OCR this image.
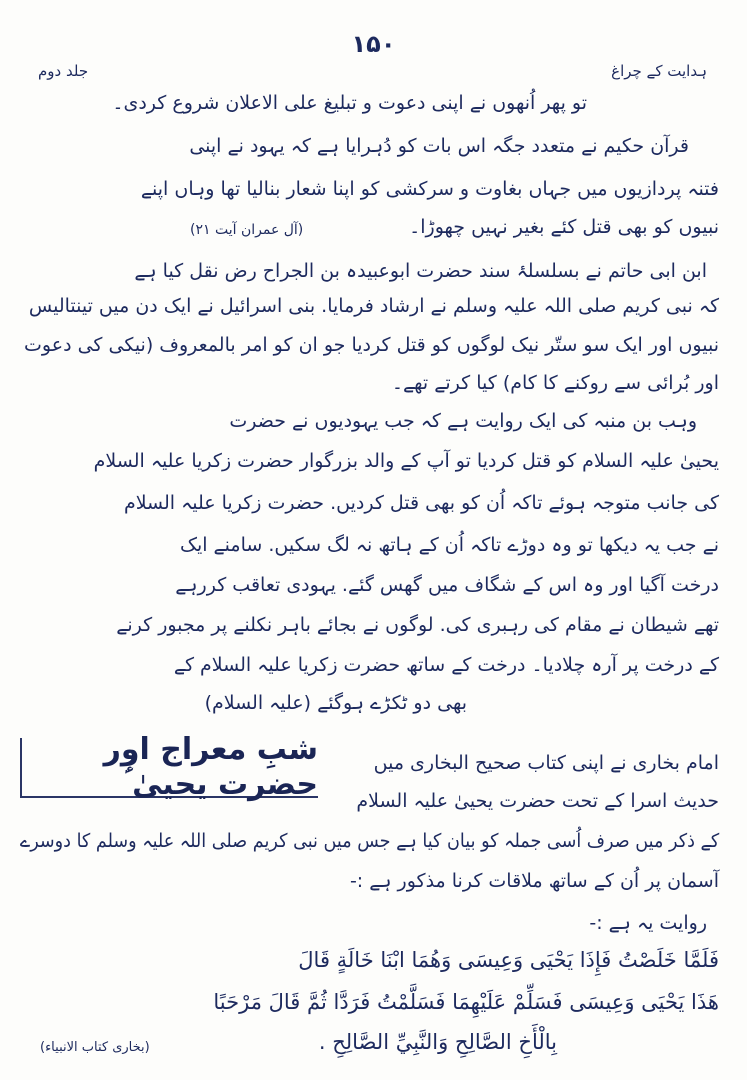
۱۵۰
ہدایت کے چراغ
جلد دوم
تو پھر اُنھوں نے اپنی دعوت و تبلیغ علی الاعلان شروع کردی۔
قرآن حکیم نے متعدد جگہ اس بات کو دُہرایا ہے کہ یہود نے اپنی
فتنہ پردازیوں میں جہاں بغاوت و سرکشی کو اپنا شعار بنالیا تھا وہاں اپنے
نبیوں کو بھی قتل کئے بغیر نہیں چھوڑا۔
(آل عمران آیت ۲۱)
ابن ابی حاتم نے بسلسلۂ سند حضرت ابوعبیدہ بن الجراح رض نقل کیا ہے
کہ نبی کریم صلی اللہ علیہ وسلم نے ارشاد فرمایا. بنی اسرائیل نے ایک دن میں تینتالیس
نبیوں اور ایک سو ستّر نیک لوگوں کو قتل کردیا جو ان کو امر بالمعروف (نیکی کی دعوت
اور بُرائی سے روکنے کا کام) کیا کرتے تھے۔
وہب بن منبہ کی ایک روایت ہے کہ جب یہودیوں نے حضرت
یحییٰ علیہ السلام کو قتل کردیا تو آپ کے والد بزرگوار حضرت زکریا علیہ السلام
کی جانب متوجہ ہوئے تاکہ اُن کو بھی قتل کردیں. حضرت زکریا علیہ السلام
نے جب یہ دیکھا تو وہ دوڑے تاکہ اُن کے ہاتھ نہ لگ سکیں. سامنے ایک
درخت آگیا اور وہ اس کے شگاف میں گھس گئے. یہودی تعاقب کررہے
تھے شیطان نے مقام کی رہبری کی. لوگوں نے بجائے باہر نکلنے پر مجبور کرنے
کے درخت پر آرہ چلادیا۔ درخت کے ساتھ حضرت زکریا علیہ السلام کے
بھی دو ٹکڑے ہوگئے (علیہ السلام)
شبِ معراج اور حضرت یحییٰ ؑ
امام بخاری نے اپنی کتاب صحیح البخاری میں
حدیث اسرا کے تحت حضرت یحییٰ علیہ السلام
کے ذکر میں صرف اُسی جملہ کو بیان کیا ہے جس میں نبی کریم صلی اللہ علیہ وسلم کا دوسرے
آسمان پر اُن کے ساتھ ملاقات کرنا مذکور ہے :-
روایت یہ ہے :-
فَلَمَّا خَلَصْتُ فَإِذَا يَحْيَى وَعِيسَى وَهُمَا ابْنَا خَالَةٍ قَالَ
هَذَا يَحْيَى وَعِيسَى فَسَلِّمْ عَلَيْهِمَا فَسَلَّمْتُ فَرَدَّا ثُمَّ قَالَ مَرْحَبًا
بِالْأَخِ الصَّالِحِ وَالنَّبِيِّ الصَّالِحِ .
(بخاری کتاب الانبیاء)
